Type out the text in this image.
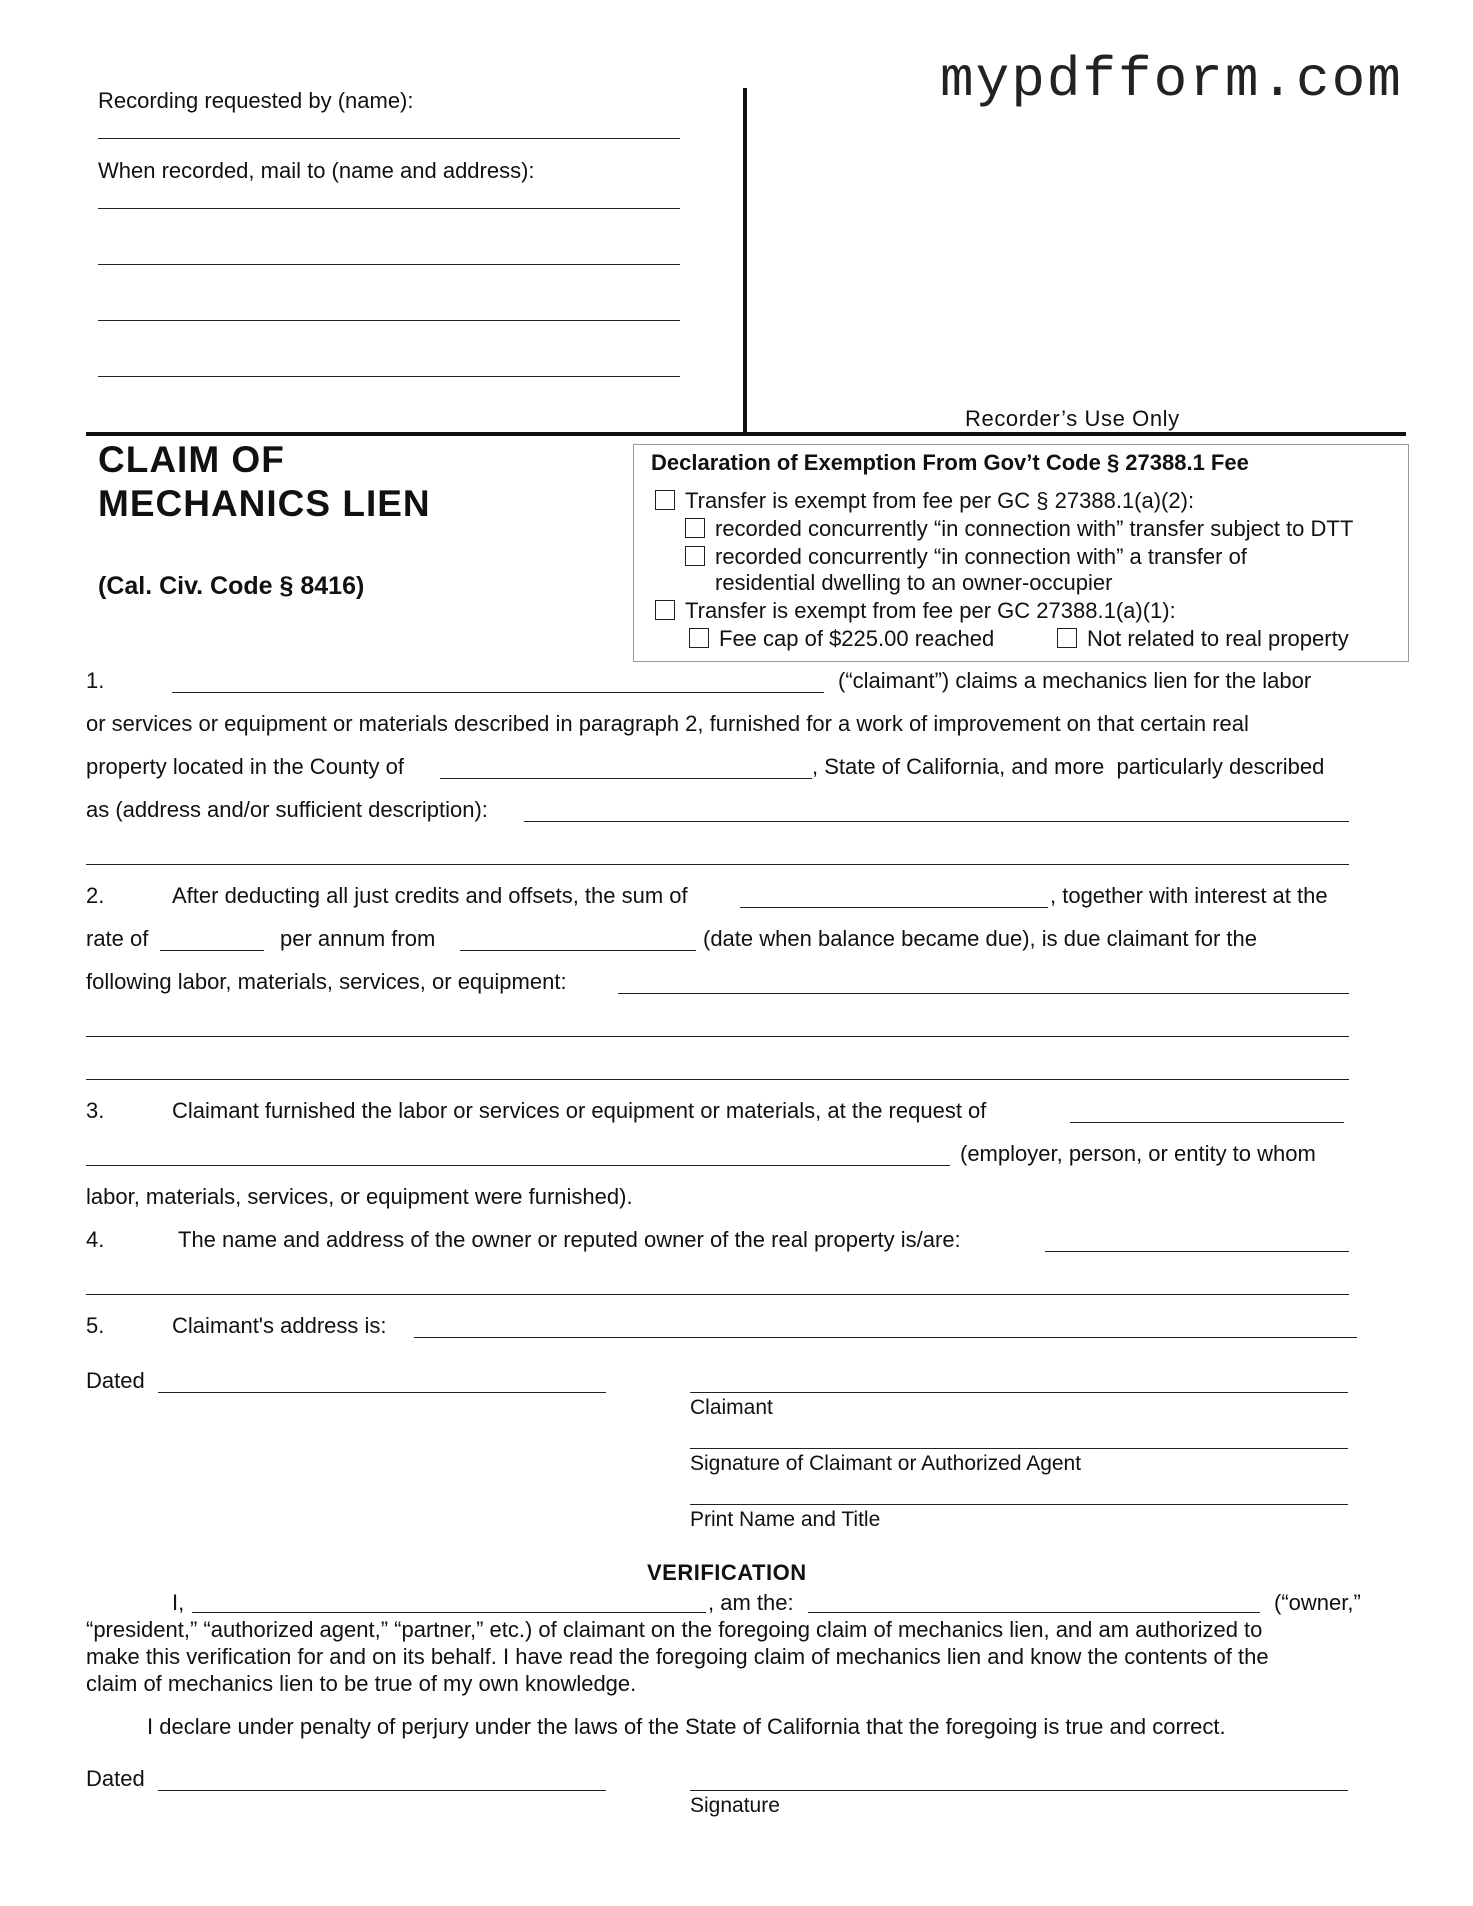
mypdfform.com
Recording requested by (name):
When recorded, mail to (name and address):
Recorder’s Use Only
CLAIM OF
MECHANICS LIEN
(Cal. Civ. Code § 8416)
Declaration of Exemption From Gov’t Code § 27388.1 Fee
Transfer is exempt from fee per GC § 27388.1(a)(2):
recorded concurrently “in connection with” transfer subject to DTT
recorded concurrently “in connection with” a transfer of
residential dwelling to an owner-occupier
Transfer is exempt from fee per GC 27388.1(a)(1):
Fee cap of $225.00 reached	Not related to real property
1.	(“claimant”) claims a mechanics lien for the labor
or services or equipment or materials described in paragraph 2, furnished for a work of improvement on that certain real
property located in the County of	, State of California, and more  particularly described
as (address and/or sufficient description):
2.	After deducting all just credits and offsets, the sum of	, together with interest at the
rate of	per annum from	(date when balance became due), is due claimant for the
following labor, materials, services, or equipment:
3.	Claimant furnished the labor or services or equipment or materials, at the request of
(employer, person, or entity to whom
labor, materials, services, or equipment were furnished).
4.	The name and address of the owner or reputed owner of the real property is/are:
5.	Claimant's address is:
Dated
Claimant
Signature of Claimant or Authorized Agent
Print Name and Title
VERIFICATION
I,	, am the:	(“owner,”
“president,” “authorized agent,” “partner,” etc.) of claimant on the foregoing claim of mechanics lien, and am authorized to
make this verification for and on its behalf. I have read the foregoing claim of mechanics lien and know the contents of the
claim of mechanics lien to be true of my own knowledge.
I declare under penalty of perjury under the laws of the State of California that the foregoing is true and correct.
Dated
Signature
